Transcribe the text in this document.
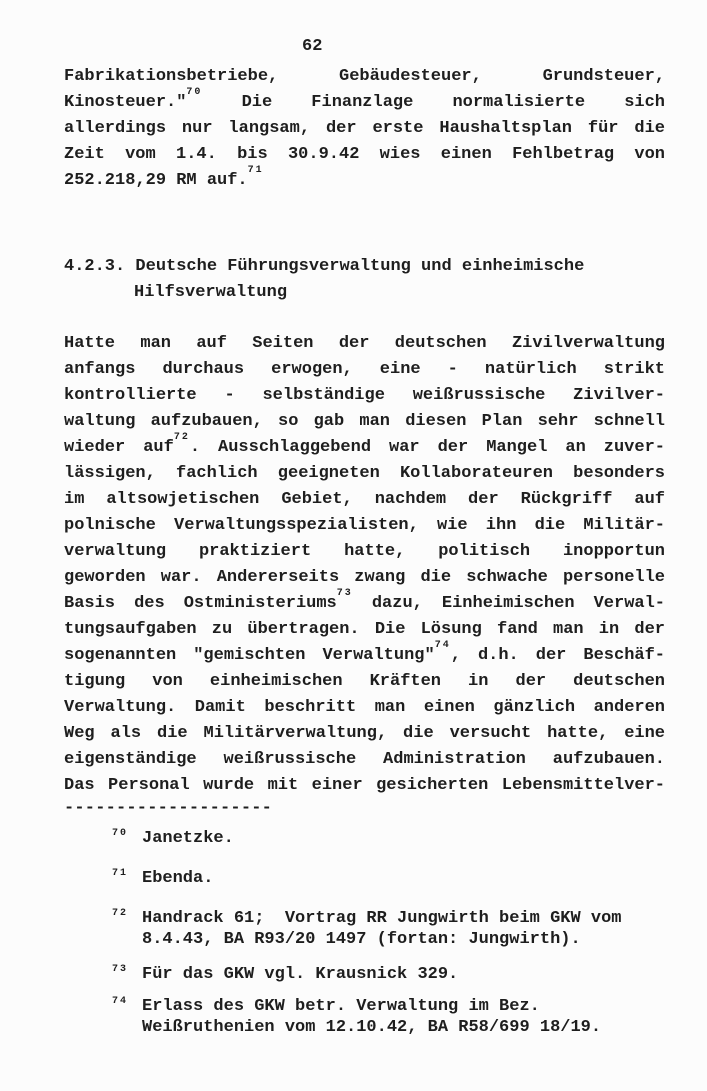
62
Fabrikationsbetriebe, Gebäudesteuer, Grundsteuer,
Kinosteuer."$^{70}$ Die Finanzlage normalisierte sich
allerdings nur langsam, der erste Haushaltsplan für die
Zeit vom 1.4. bis 30.9.42 wies einen Fehlbetrag von
252.218,29 RM auf.$^{71}$
4.2.3. Deutsche Führungsverwaltung und einheimische
Hilfsverwaltung
Hatte man auf Seiten der deutschen Zivilverwaltung
anfangs durchaus erwogen, eine - natürlich strikt
kontrollierte - selbständige weißrussische Zivilver-
waltung aufzubauen, so gab man diesen Plan sehr schnell
wieder auf$^{72}$. Ausschlaggebend war der Mangel an zuver-
lässigen, fachlich geeigneten Kollaborateuren besonders
im altsowjetischen Gebiet, nachdem der Rückgriff auf
polnische Verwaltungsspezialisten, wie ihn die Militär-
verwaltung praktiziert hatte, politisch inopportun
geworden war. Andererseits zwang die schwache personelle
Basis des Ostministeriums$^{73}$ dazu, Einheimischen Verwal-
tungsaufgaben zu übertragen. Die Lösung fand man in der
sogenannten "gemischten Verwaltung"$^{74}$, d.h. der Beschäf-
tigung von einheimischen Kräften in der deutschen
Verwaltung. Damit beschritt man einen gänzlich anderen
Weg als die Militärverwaltung, die versucht hatte, eine
eigenständige weißrussische Administration aufzubauen.
Das Personal wurde mit einer gesicherten Lebensmittelver-
--------------------
70 Janetzke.
71 Ebenda.
72 Handrack 61;  Vortrag RR Jungwirth beim GKW vom
8.4.43, BA R93/20 1497 (fortan: Jungwirth).
73 Für das GKW vgl. Krausnick 329.
74 Erlass des GKW betr. Verwaltung im Bez.
Weißruthenien vom 12.10.42, BA R58/699 18/19.
